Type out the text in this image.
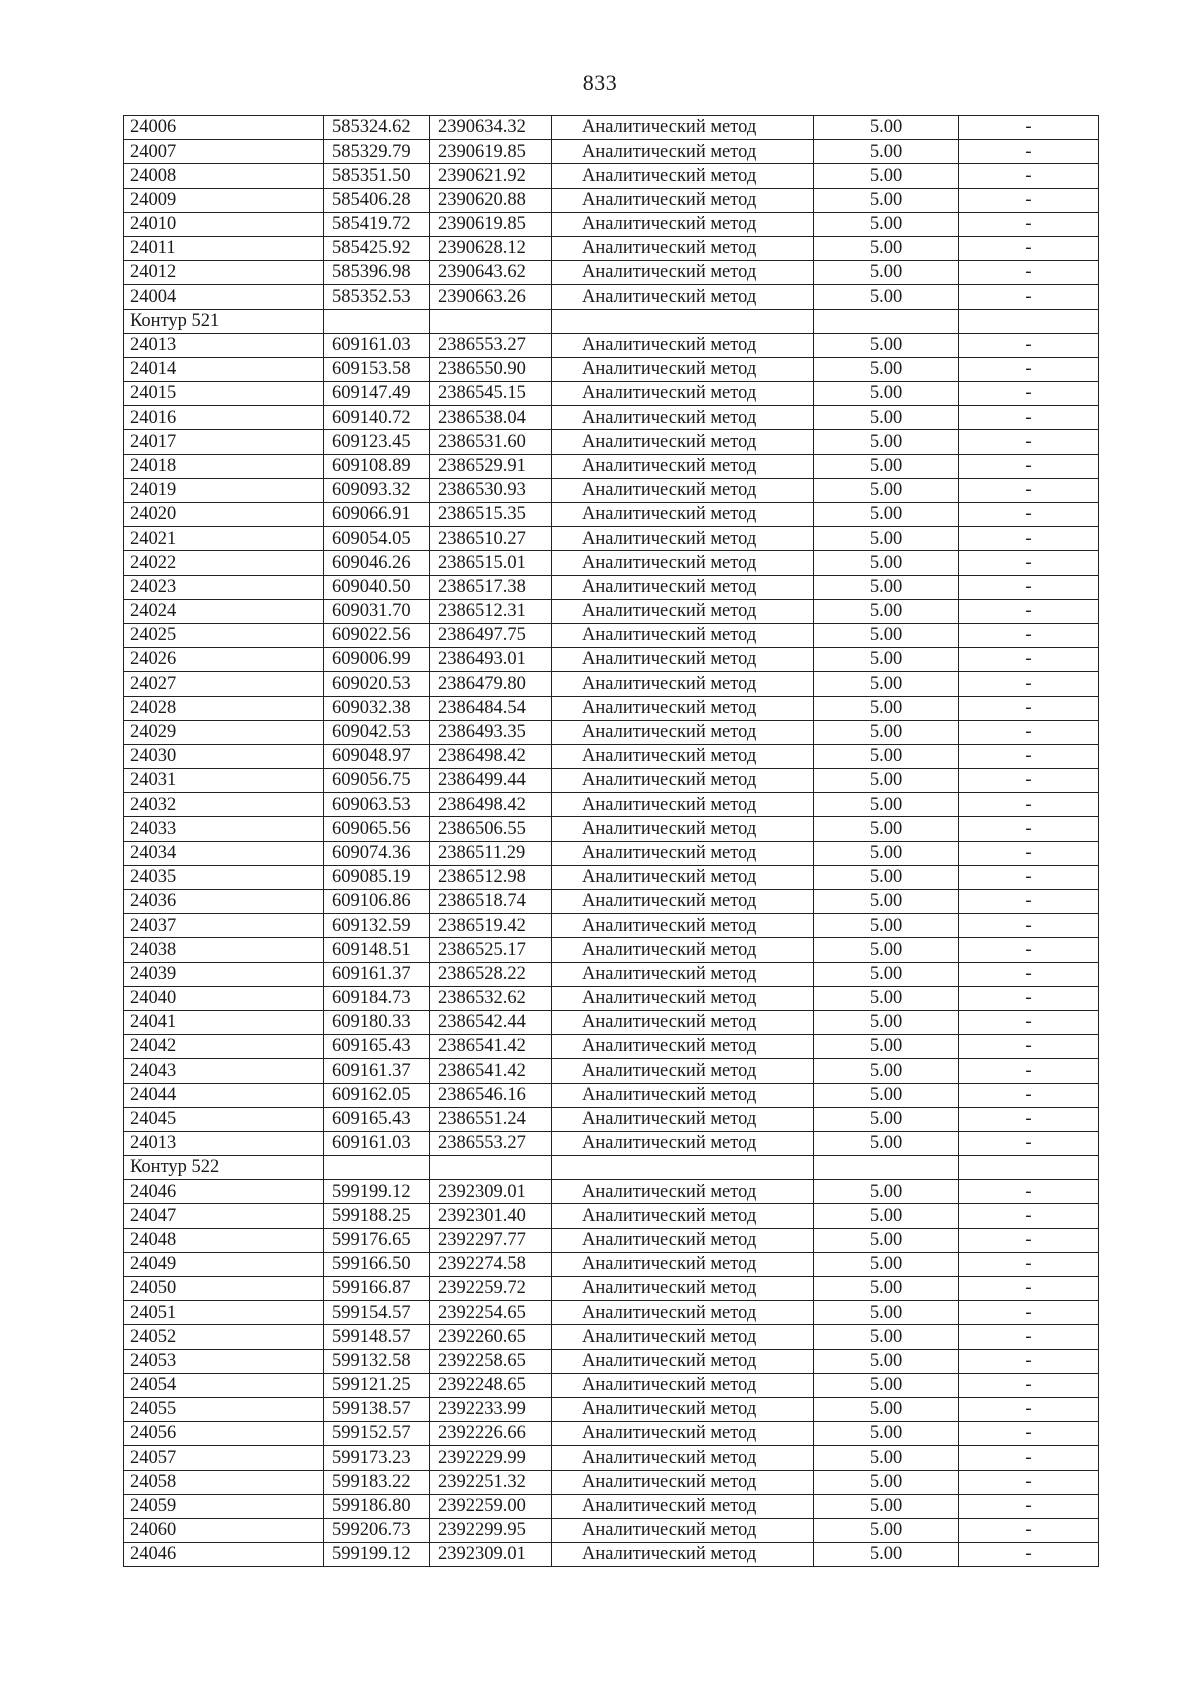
833
24006	585324.62	2390634.32	Аналитический метод	5.00	-
24007	585329.79	2390619.85	Аналитический метод	5.00	-
24008	585351.50	2390621.92	Аналитический метод	5.00	-
24009	585406.28	2390620.88	Аналитический метод	5.00	-
24010	585419.72	2390619.85	Аналитический метод	5.00	-
24011	585425.92	2390628.12	Аналитический метод	5.00	-
24012	585396.98	2390643.62	Аналитический метод	5.00	-
24004	585352.53	2390663.26	Аналитический метод	5.00	-
Контур 521					
24013	609161.03	2386553.27	Аналитический метод	5.00	-
24014	609153.58	2386550.90	Аналитический метод	5.00	-
24015	609147.49	2386545.15	Аналитический метод	5.00	-
24016	609140.72	2386538.04	Аналитический метод	5.00	-
24017	609123.45	2386531.60	Аналитический метод	5.00	-
24018	609108.89	2386529.91	Аналитический метод	5.00	-
24019	609093.32	2386530.93	Аналитический метод	5.00	-
24020	609066.91	2386515.35	Аналитический метод	5.00	-
24021	609054.05	2386510.27	Аналитический метод	5.00	-
24022	609046.26	2386515.01	Аналитический метод	5.00	-
24023	609040.50	2386517.38	Аналитический метод	5.00	-
24024	609031.70	2386512.31	Аналитический метод	5.00	-
24025	609022.56	2386497.75	Аналитический метод	5.00	-
24026	609006.99	2386493.01	Аналитический метод	5.00	-
24027	609020.53	2386479.80	Аналитический метод	5.00	-
24028	609032.38	2386484.54	Аналитический метод	5.00	-
24029	609042.53	2386493.35	Аналитический метод	5.00	-
24030	609048.97	2386498.42	Аналитический метод	5.00	-
24031	609056.75	2386499.44	Аналитический метод	5.00	-
24032	609063.53	2386498.42	Аналитический метод	5.00	-
24033	609065.56	2386506.55	Аналитический метод	5.00	-
24034	609074.36	2386511.29	Аналитический метод	5.00	-
24035	609085.19	2386512.98	Аналитический метод	5.00	-
24036	609106.86	2386518.74	Аналитический метод	5.00	-
24037	609132.59	2386519.42	Аналитический метод	5.00	-
24038	609148.51	2386525.17	Аналитический метод	5.00	-
24039	609161.37	2386528.22	Аналитический метод	5.00	-
24040	609184.73	2386532.62	Аналитический метод	5.00	-
24041	609180.33	2386542.44	Аналитический метод	5.00	-
24042	609165.43	2386541.42	Аналитический метод	5.00	-
24043	609161.37	2386541.42	Аналитический метод	5.00	-
24044	609162.05	2386546.16	Аналитический метод	5.00	-
24045	609165.43	2386551.24	Аналитический метод	5.00	-
24013	609161.03	2386553.27	Аналитический метод	5.00	-
Контур 522					
24046	599199.12	2392309.01	Аналитический метод	5.00	-
24047	599188.25	2392301.40	Аналитический метод	5.00	-
24048	599176.65	2392297.77	Аналитический метод	5.00	-
24049	599166.50	2392274.58	Аналитический метод	5.00	-
24050	599166.87	2392259.72	Аналитический метод	5.00	-
24051	599154.57	2392254.65	Аналитический метод	5.00	-
24052	599148.57	2392260.65	Аналитический метод	5.00	-
24053	599132.58	2392258.65	Аналитический метод	5.00	-
24054	599121.25	2392248.65	Аналитический метод	5.00	-
24055	599138.57	2392233.99	Аналитический метод	5.00	-
24056	599152.57	2392226.66	Аналитический метод	5.00	-
24057	599173.23	2392229.99	Аналитический метод	5.00	-
24058	599183.22	2392251.32	Аналитический метод	5.00	-
24059	599186.80	2392259.00	Аналитический метод	5.00	-
24060	599206.73	2392299.95	Аналитический метод	5.00	-
24046	599199.12	2392309.01	Аналитический метод	5.00	-
